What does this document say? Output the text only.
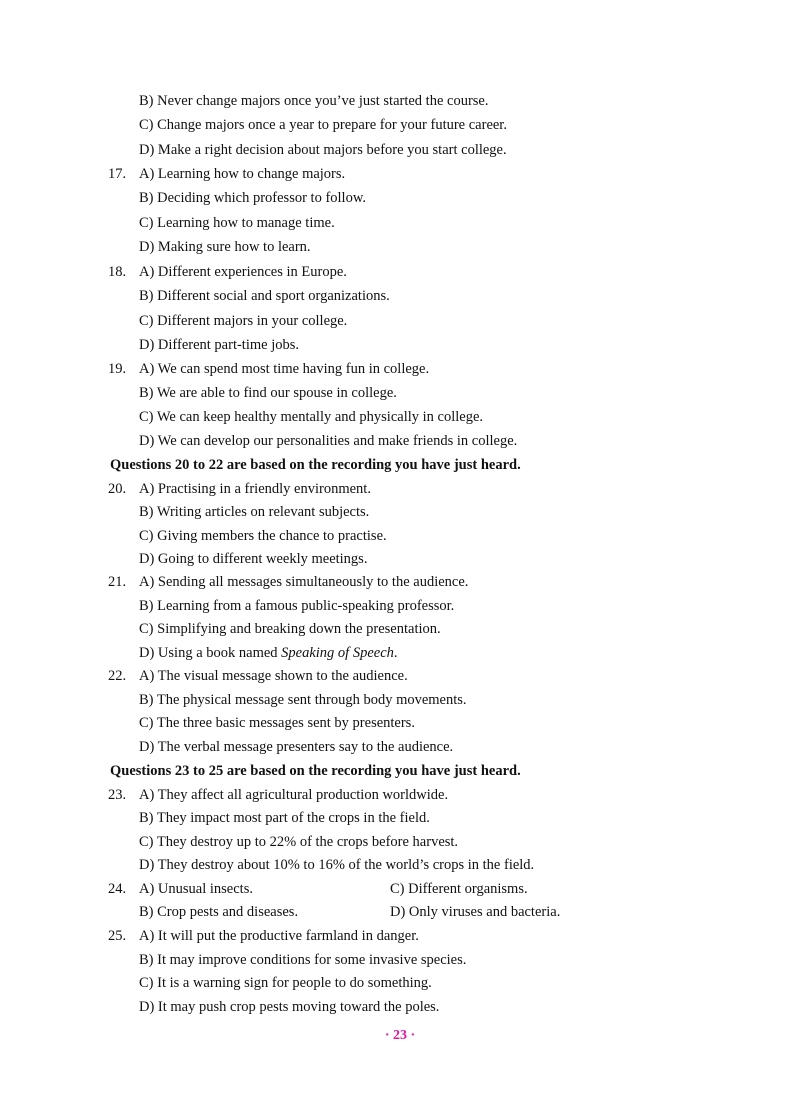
B) Never change majors once you’ve just started the course.
C) Change majors once a year to prepare for your future career.
D) Make a right decision about majors before you start college.
17. A) Learning how to change majors.
B) Deciding which professor to follow.
C) Learning how to manage time.
D) Making sure how to learn.
18. A) Different experiences in Europe.
B) Different social and sport organizations.
C) Different majors in your college.
D) Different part-time jobs.
19. A) We can spend most time having fun in college.
B) We are able to find our spouse in college.
C) We can keep healthy mentally and physically in college.
D) We can develop our personalities and make friends in college.
Questions 20 to 22 are based on the recording you have just heard.
20. A) Practising in a friendly environment.
B) Writing articles on relevant subjects.
C) Giving members the chance to practise.
D) Going to different weekly meetings.
21. A) Sending all messages simultaneously to the audience.
B) Learning from a famous public-speaking professor.
C) Simplifying and breaking down the presentation.
D) Using a book named Speaking of Speech.
22. A) The visual message shown to the audience.
B) The physical message sent through body movements.
C) The three basic messages sent by presenters.
D) The verbal message presenters say to the audience.
Questions 23 to 25 are based on the recording you have just heard.
23. A) They affect all agricultural production worldwide.
B) They impact most part of the crops in the field.
C) They destroy up to 22% of the crops before harvest.
D) They destroy about 10% to 16% of the world’s crops in the field.
24. A) Unusual insects.	C) Different organisms.
B) Crop pests and diseases.	D) Only viruses and bacteria.
25. A) It will put the productive farmland in danger.
B) It may improve conditions for some invasive species.
C) It is a warning sign for people to do something.
D) It may push crop pests moving toward the poles.
· 23 ·
